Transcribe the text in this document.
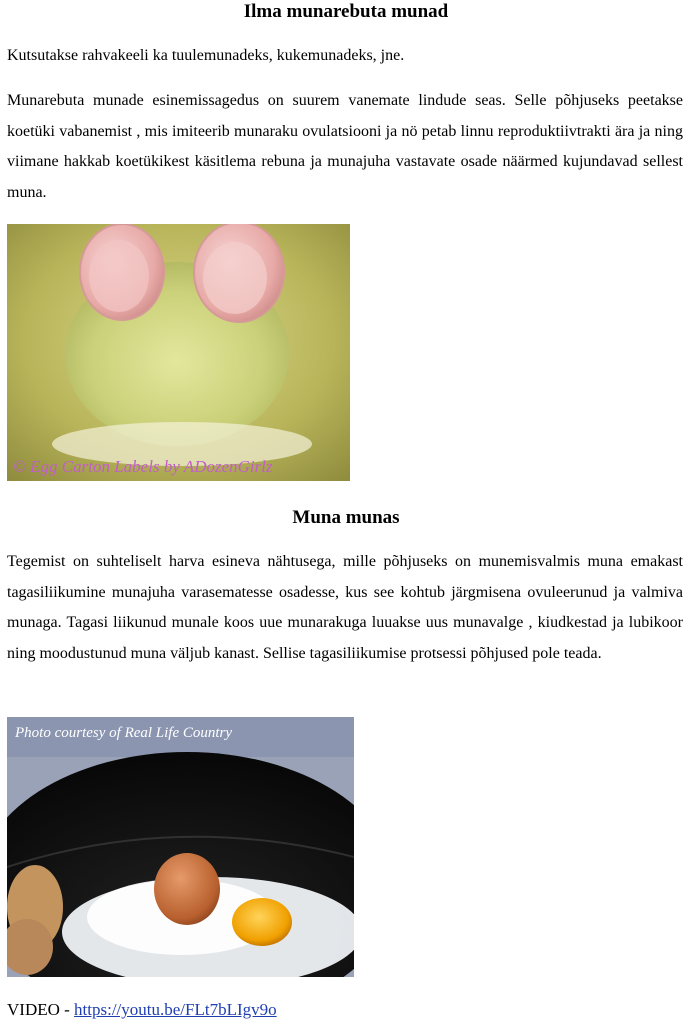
Ilma munarebuta munad

Kutsutakse rahvakeeli ka tuulemunadeks, kukemunadeks, jne.

Munarebuta munade esinemissagedus on suurem vanemate lindude seas. Selle põhjuseks peetakse koetüki vabanemist , mis imiteerib munaraku ovulatsiooni ja nö petab linnu reproduktiivtrakti ära ja ning viimane hakkab koetükikest käsitlema rebuna ja munajuha vastavate osade näärmed kujundavad sellest muna.

© Egg Carton Labels by ADozenGirlz
Muna munas

Tegemist on suhteliselt harva esineva nähtusega, mille põhjuseks on munemisvalmis muna emakast tagasiliikumine munajuha varasematesse osadesse, kus see kohtub järgmisena ovuleerunud ja valmiva munaga. Tagasi liikunud munale koos uue munarakuga luuakse uus munavalge , kiudkestad ja lubikoor ning moodustunud muna väljub kanast. Sellise tagasiliikumise protsessi põhjused pole teada.

Photo courtesy of Real Life Country
VIDEO - https://youtu.be/FLt7bLIgv9o
